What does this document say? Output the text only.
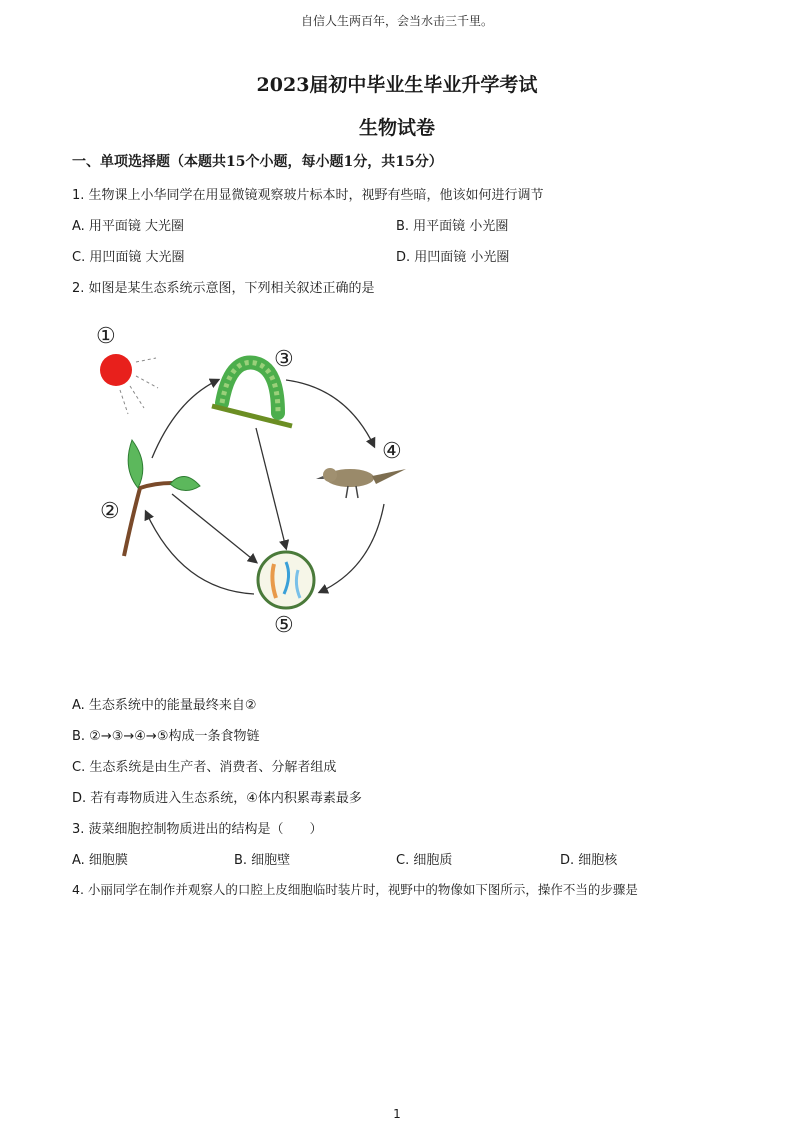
自信人生两百年，会当水击三千里。
2023届初中毕业生毕业升学考试
生物试卷
一、单项选择题（本题共15个小题，每小题1分，共15分）
1. 生物课上小华同学在用显微镜观察玻片标本时，视野有些暗，他该如何进行调节
A. 用平面镜 大光圈	B. 用平面镜 小光圈
C. 用凹面镜 大光圈	D. 用凹面镜 小光圈
2. 如图是某生态系统示意图，下列相关叙述正确的是
①
③
④
②
⑤
A. 生态系统中的能量最终来自②
B. ②→③→④→⑤构成一条食物链
C. 生态系统是由生产者、消费者、分解者组成
D. 若有毒物质进入生态系统，④体内积累毒素最多
3. 菠菜细胞控制物质进出的结构是（　　）
A. 细胞膜	B. 细胞壁	C. 细胞质	D. 细胞核
4. 小丽同学在制作并观察人的口腔上皮细胞临时装片时，视野中的物像如下图所示，操作不当的步骤是
1
